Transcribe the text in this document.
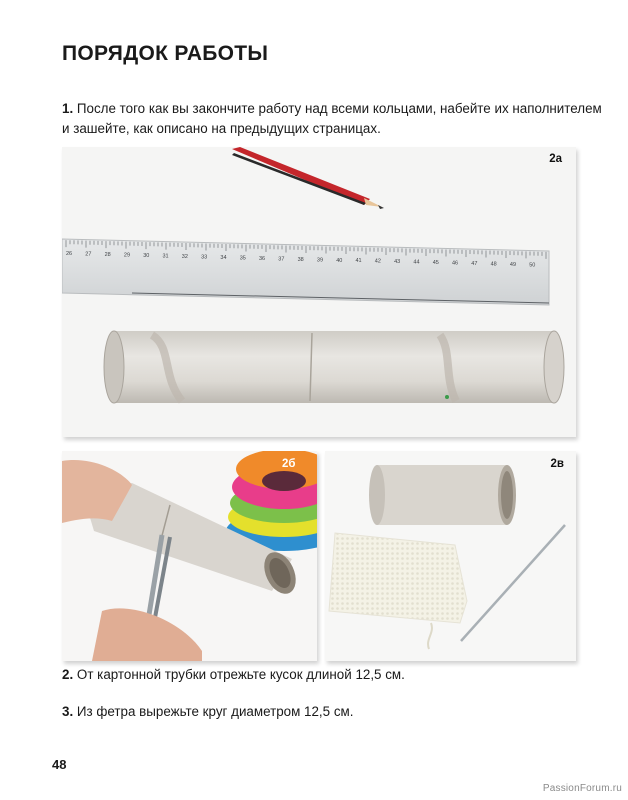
ПОРЯДОК РАБОТЫ
1. После того как вы закончите работу над всеми кольцами, набейте их наполнителем и зашейте, как описано на предыдущих страницах.
26 27 28 29 30 31 32 33 34 35 36 37 38 39 40 41 42 43 44 45 46 47 48 49 50
2а
2б	2в
2. От картонной трубки отрежьте кусок длиной 12,5 см.
3. Из фетра вырежьте круг диаметром 12,5 см.
48
PassionForum.ru
